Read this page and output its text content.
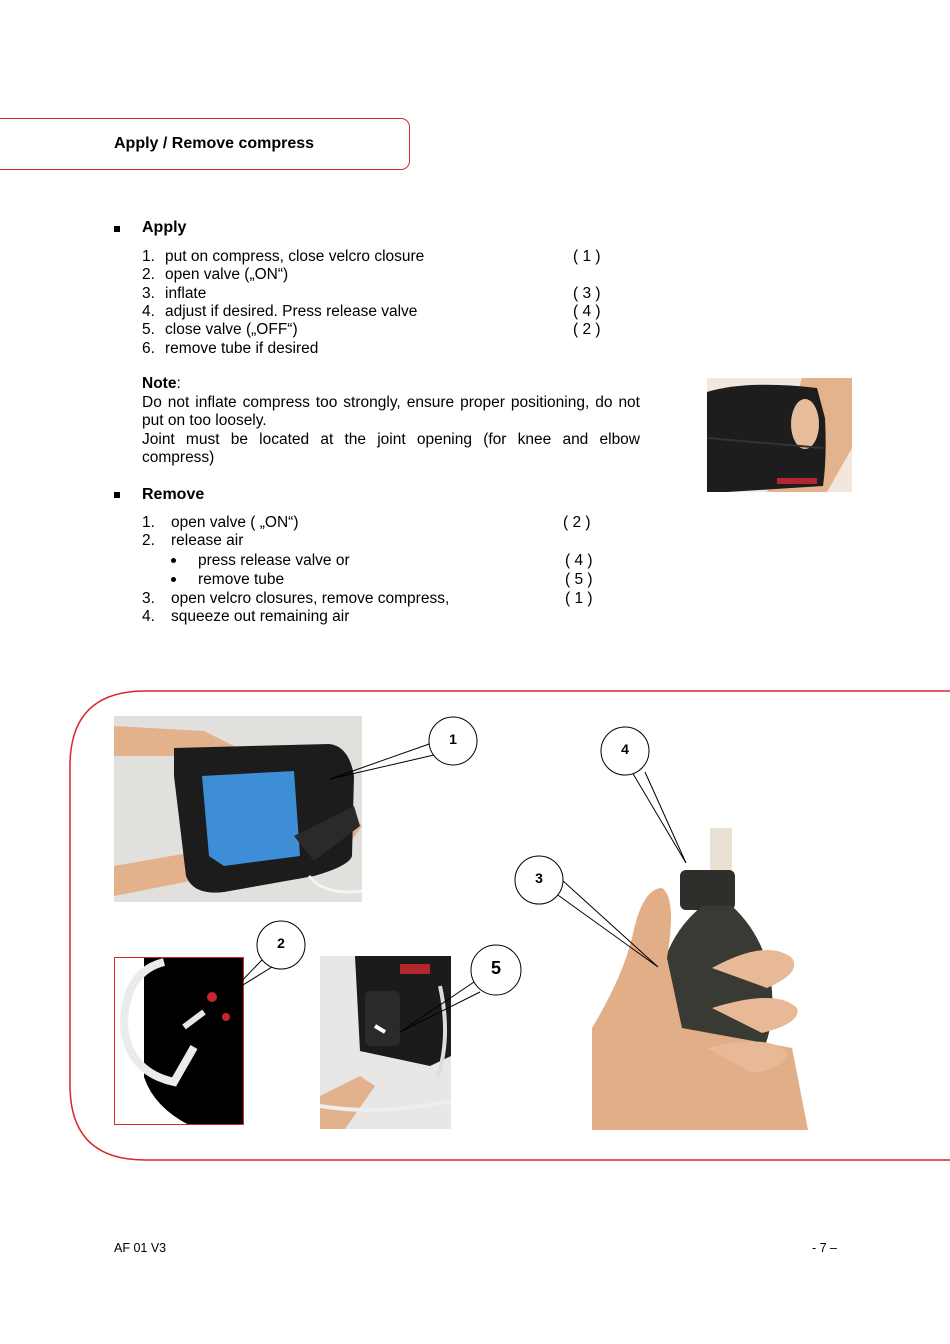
Apply / Remove compress
Apply
1. put on compress, close velcro closure	( 1 )
2. open valve („ON“)
3. inflate	( 3 )
4. adjust if desired. Press release valve	( 4 )
5. close valve („OFF“)	( 2 )
6. remove tube if desired
Note:
Do not inflate compress too strongly, ensure proper positioning, do not put on too loosely.
Joint must be located at the joint opening (for knee and elbow compress)
Remove
1. open valve ( „ON“)	( 2 )
2. release air
press release valve or	( 4 )
remove tube	( 5 )
3. open velcro closures, remove compress,	( 1 )
4. squeeze out remaining air
1
2
3
4
5
AF 01 V3	- 7 –
